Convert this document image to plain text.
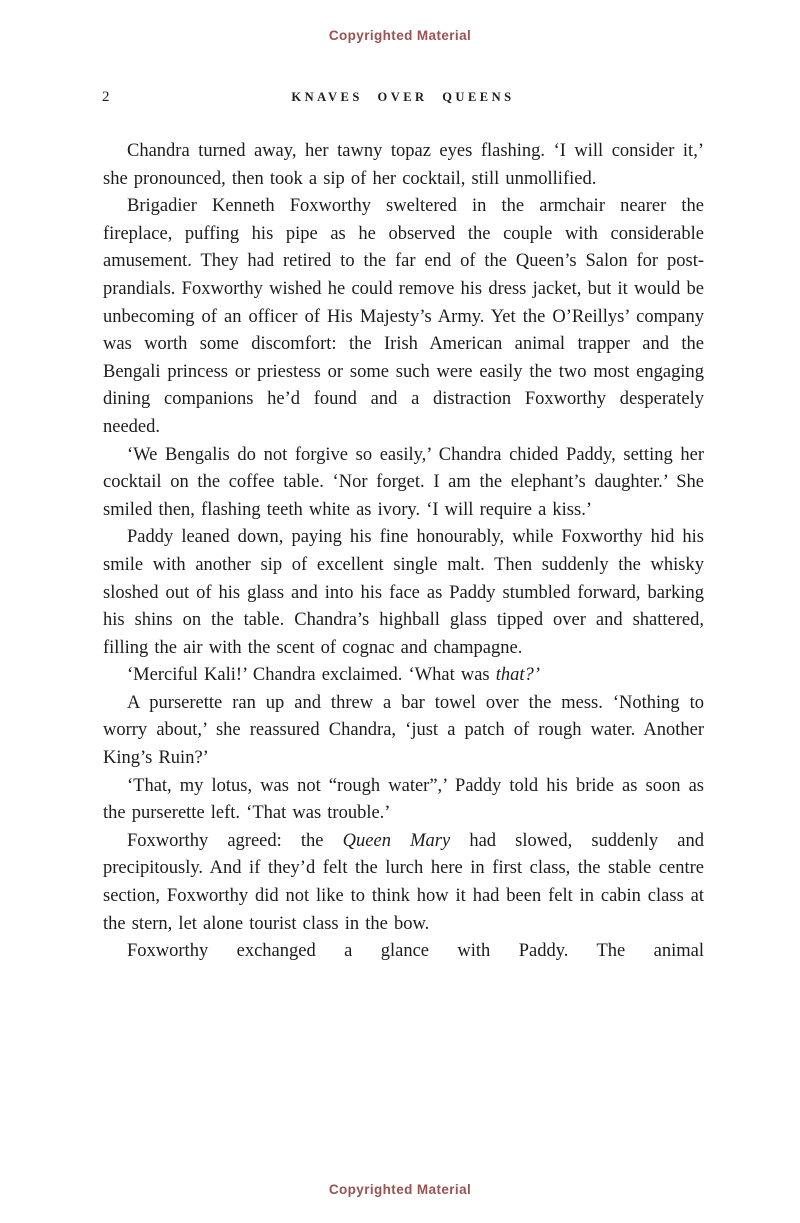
Copyrighted Material
2	KNAVES OVER QUEENS

Chandra turned away, her tawny topaz eyes flashing. ‘I will consider it,’ she pronounced, then took a sip of her cocktail, still unmollified.

Brigadier Kenneth Foxworthy sweltered in the armchair nearer the fireplace, puffing his pipe as he observed the couple with considerable amusement. They had retired to the far end of the Queen’s Salon for post-prandials. Foxworthy wished he could remove his dress jacket, but it would be unbecoming of an officer of His Majesty’s Army. Yet the O’Reillys’ company was worth some discomfort: the Irish American animal trapper and the Bengali princess or priestess or some such were easily the two most engaging dining companions he’d found and a distraction Foxworthy desperately needed.

‘We Bengalis do not forgive so easily,’ Chandra chided Paddy, setting her cocktail on the coffee table. ‘Nor forget. I am the elephant’s daughter.’ She smiled then, flashing teeth white as ivory. ‘I will require a kiss.’

Paddy leaned down, paying his fine honourably, while Foxworthy hid his smile with another sip of excellent single malt. Then suddenly the whisky sloshed out of his glass and into his face as Paddy stumbled forward, barking his shins on the table. Chandra’s highball glass tipped over and shattered, filling the air with the scent of cognac and champagne.

‘Merciful Kali!’ Chandra exclaimed. ‘What was that?’

A purserette ran up and threw a bar towel over the mess. ‘Nothing to worry about,’ she reassured Chandra, ‘just a patch of rough water. Another King’s Ruin?’

‘That, my lotus, was not “rough water”,’ Paddy told his bride as soon as the purserette left. ‘That was trouble.’

Foxworthy agreed: the Queen Mary had slowed, suddenly and precipitously. And if they’d felt the lurch here in first class, the stable centre section, Foxworthy did not like to think how it had been felt in cabin class at the stern, let alone tourist class in the bow.

Foxworthy exchanged a glance with Paddy. The animal

Copyrighted Material
